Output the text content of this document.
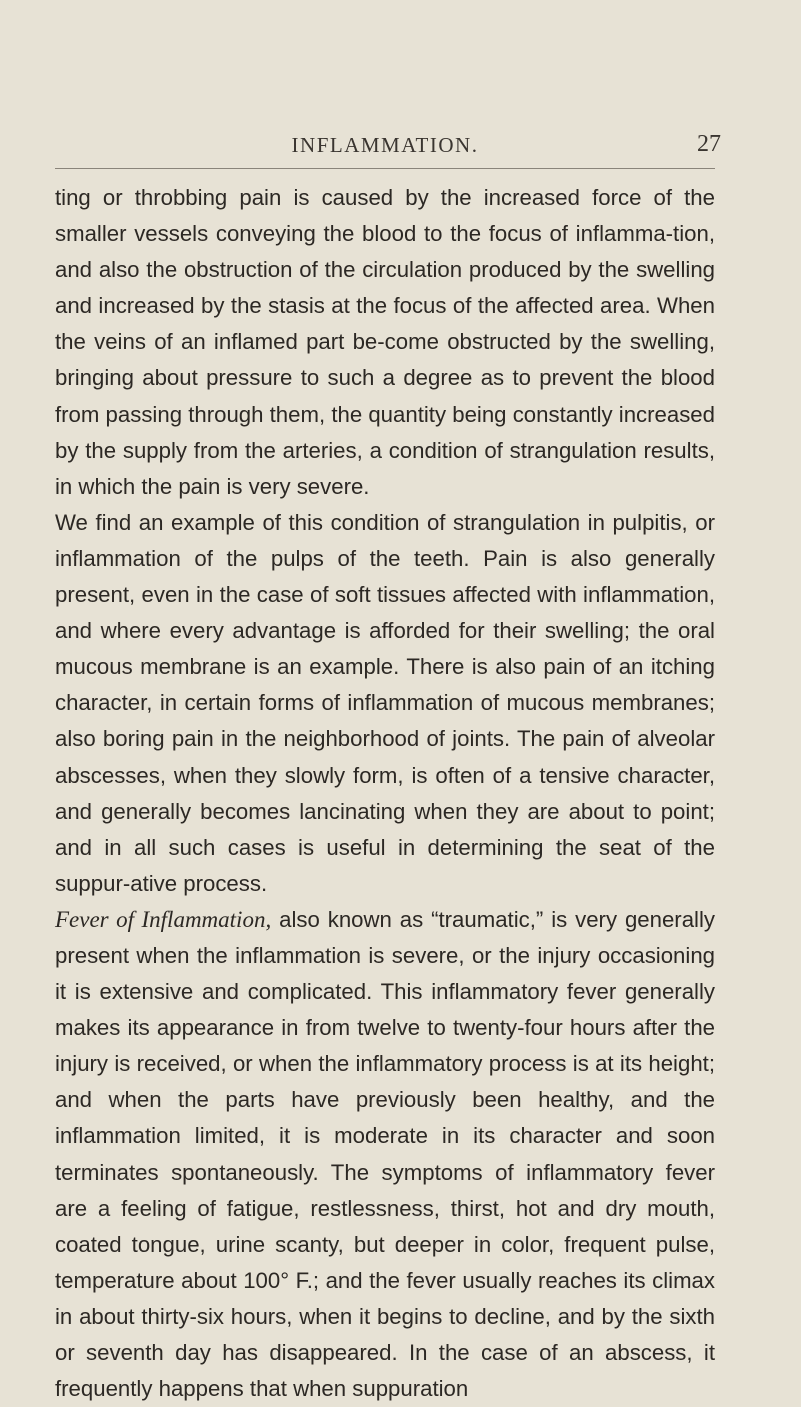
INFLAMMATION.	27

ting or throbbing pain is caused by the increased force of the smaller vessels conveying the blood to the focus of inflamma-tion, and also the obstruction of the circulation produced by the swelling and increased by the stasis at the focus of the affected area. When the veins of an inflamed part be-come obstructed by the swelling, bringing about pressure to such a degree as to prevent the blood from passing through them, the quantity being constantly increased by the supply from the arteries, a condition of strangulation results, in which the pain is very severe.

We find an example of this condition of strangulation in pulpitis, or inflammation of the pulps of the teeth. Pain is also generally present, even in the case of soft tissues affected with inflammation, and where every advantage is afforded for their swelling; the oral mucous membrane is an example. There is also pain of an itching character, in certain forms of inflammation of mucous membranes; also boring pain in the neighborhood of joints. The pain of alveolar abscesses, when they slowly form, is often of a tensive character, and generally becomes lancinating when they are about to point; and in all such cases is useful in determining the seat of the suppur-ative process.

Fever of Inflammation, also known as “traumatic,” is very generally present when the inflammation is severe, or the injury occasioning it is extensive and complicated. This inflammatory fever generally makes its appearance in from twelve to twenty-four hours after the injury is received, or when the inflammatory process is at its height; and when the parts have previously been healthy, and the inflammation limited, it is moderate in its character and soon terminates spontaneously. The symptoms of inflammatory fever are a feeling of fatigue, restlessness, thirst, hot and dry mouth, coated tongue, urine scanty, but deeper in color, frequent pulse, temperature about 100° F.; and the fever usually reaches its climax in about thirty-six hours, when it begins to decline, and by the sixth or seventh day has disappeared. In the case of an abscess, it frequently happens that when suppuration
